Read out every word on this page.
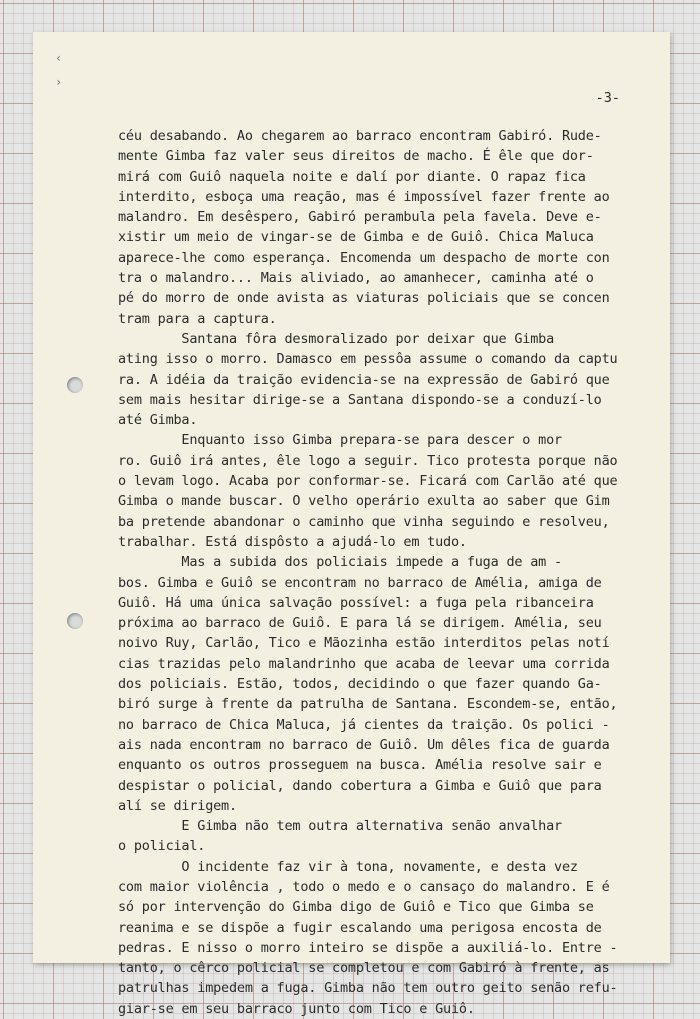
‹
›
-3-
céu desabando. Ao chegarem ao barraco encontram Gabiró. Rude-
mente Gimba faz valer seus direitos de macho. É êle que dor-
mirá com Guiô naquela noite e dalí por diante. O rapaz fica
interdito, esboça uma reação, mas é impossível fazer frente ao
malandro. Em desêspero, Gabiró perambula pela favela. Deve e-
xistir um meio de vingar-se de Gimba e de Guiô. Chica Maluca
aparece-lhe como esperança. Encomenda um despacho de morte con
tra o malandro... Mais aliviado, ao amanhecer, caminha até o
pé do morro de onde avista as viaturas policiais que se concen
tram para a captura.
Santana fôra desmoralizado por deixar que Gimba
ating isso o morro. Damasco em pessôa assume o comando da captu
ra. A idéia da traição evidencia-se na expressão de Gabiró que
sem mais hesitar dirige-se a Santana dispondo-se a conduzí-lo
até Gimba.
Enquanto isso Gimba prepara-se para descer o mor
ro. Guiô irá antes, êle logo a seguir. Tico protesta porque não
o levam logo. Acaba por conformar-se. Ficará com Carlão até que
Gimba o mande buscar. O velho operário exulta ao saber que Gim
ba pretende abandonar o caminho que vinha seguindo e resolveu,
trabalhar. Está dispôsto a ajudá-lo em tudo.
Mas a subida dos policiais impede a fuga de am -
bos. Gimba e Guiô se encontram no barraco de Amélia, amiga de
Guiô. Há uma única salvação possível: a fuga pela ribanceira
próxima ao barraco de Guiô. E para lá se dirigem. Amélia, seu
noivo Ruy, Carlão, Tico e Mãozinha estão interditos pelas notí
cias trazidas pelo malandrinho que acaba de leevar uma corrida
dos policiais. Estão, todos, decidindo o que fazer quando Ga-
biró surge à frente da patrulha de Santana. Escondem-se, então,
no barraco de Chica Maluca, já cientes da traição. Os polici -
ais nada encontram no barraco de Guiô. Um dêles fica de guarda
enquanto os outros prosseguem na busca. Amélia resolve sair e
despistar o policial, dando cobertura a Gimba e Guiô que para
alí se dirigem.
E Gimba não tem outra alternativa senão anvalhar
o policial.
O incidente faz vir à tona, novamente, e desta vez
com maior violência , todo o medo e o cansaço do malandro. E é
só por intervenção do Gimba digo de Guiô e Tico que Gimba se
reanima e se dispõe a fugir escalando uma perigosa encosta de
pedras. E nisso o morro inteiro se dispõe a auxiliá-lo. Entre -
tanto, o cêrco policial se completou e com Gabiró à frente, as
patrulhas impedem a fuga. Gimba não tem outro geito senão refu-
giar-se em seu barraco junto com Tico e Guiô.
